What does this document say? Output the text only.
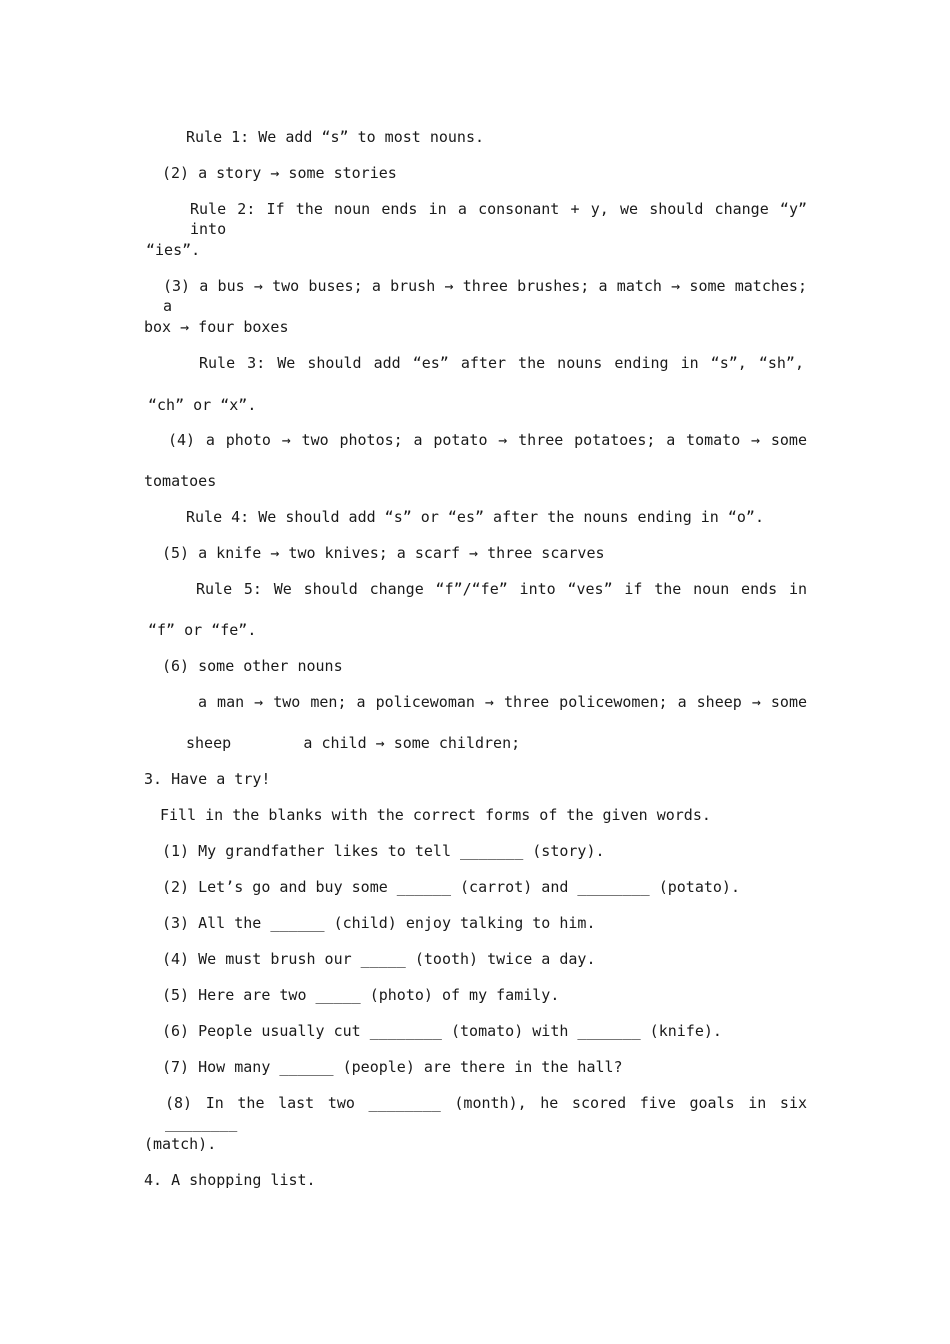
Rule 1: We add “s” to most nouns.
(2) a story → some stories
Rule 2: If the noun ends in a consonant + y, we should change “y” into
“ies”.
(3) a bus → two buses; a brush → three brushes; a match → some matches; a
box → four boxes
Rule 3: We should add “es” after the nouns ending in “s”, “sh”,
“ch” or “x”.
(4) a photo → two photos; a potato → three potatoes; a tomato → some
tomatoes
Rule 4: We should add “s” or “es” after the nouns ending in “o”.
(5) a knife → two knives; a scarf → three scarves
Rule 5: We should change “f”/“fe” into “ves” if the noun ends in
“f” or “fe”.
(6) some other nouns
a man → two men; a policewoman → three policewomen; a sheep → some
sheep        a child → some children;
3. Have a try!
Fill in the blanks with the correct forms of the given words.
(1) My grandfather likes to tell _______ (story).
(2) Let’s go and buy some ______ (carrot) and ________ (potato).
(3) All the ______ (child) enjoy talking to him.
(4) We must brush our _____ (tooth) twice a day.
(5) Here are two _____ (photo) of my family.
(6) People usually cut ________ (tomato) with _______ (knife).
(7) How many ______ (people) are there in the hall?
(8) In the last two ________ (month), he scored five goals in six ________
(match).
4. A shopping list.
